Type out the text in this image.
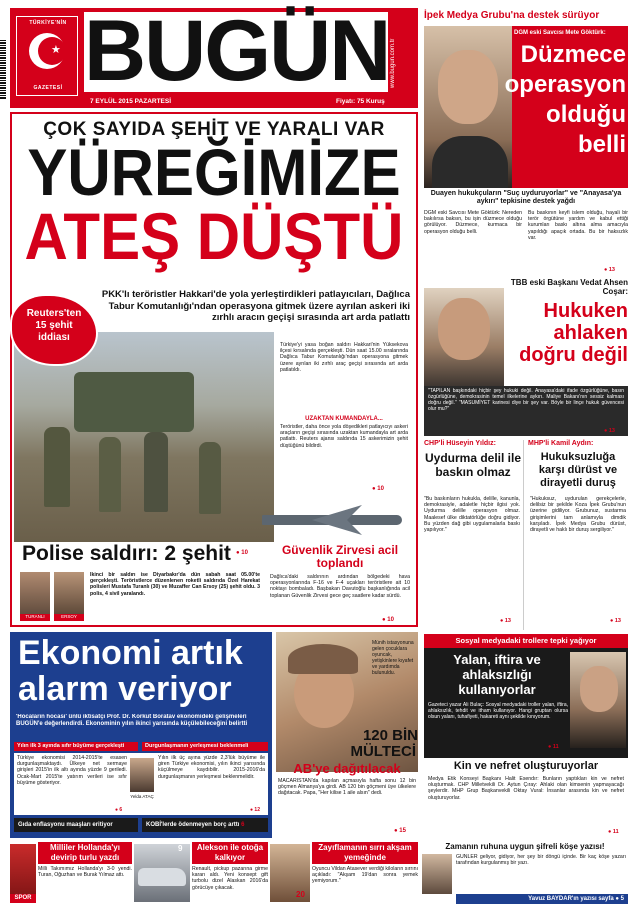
★
TÜRKİYE'NİN
GAZETESİ BUGÜN www.bugun.com.tr
7 EYLÜL 2015 PAZARTESİ	Fiyatı: 75 Kuruş
ÇOK SAYIDA ŞEHİT VE YARALI VAR
YÜREĞİMİZE
ATEŞ DÜŞTÜ
PKK'lı teröristler Hakkari'de yola yerleştirdikleri patlayıcıları, Dağlıca Tabur Komutanlığı'ndan operasyona gitmek üzere ayrılan askeri iki zırhlı aracın geçişi sırasında art arda patlattı
Reuters'ten 15 şehit iddiası
Türkiye'yi yasa boğan saldırı Hakkari'nin Yüksekova ilçesi kırsalında gerçekleşti. Dün saat 15.00 sıralarında Dağlıca Tabur Komutanlığı'ndan operasyona gitmek üzere ayrılan iki zırhlı araç geçişi sırasında art arda patlatıldı.
UZAKTAN KUMANDAYLA...
Teröristler, daha önce yola döşedikleri patlayıcıyı askeri araçların geçişi sırasında uzaktan kumandayla art arda patlattı. Reuters ajansı saldırıda 15 askerimizin şehit düştüğünü bildirdi.
● 10
Polise saldırı: 2 şehit ● 10
TURANLI	ERSOY
İkinci bir saldırı ise Diyarbakır'da dün sabah saat 05.00'te gerçekleşti. Teröristlerce düzenlenen roketli saldırıda Özel Harekat polisleri Mustafa Turanlı (30) ve Muzaffer Can Ersoy (25) şehit oldu. 3 polis, 4 sivil yaralandı.
Güvenlik Zirvesi acil toplandı
Dağlıca'daki saldırının ardından bölgedeki hava operasyonlarında F-16 ve F-4 uçakları teröristlere ait 10 noktayı bombaladı. Başbakan Davutoğlu başkanlığında acil toplanan Güvenlik Zirvesi gece geç saatlere kadar sürdü.
● 10
Ekonomi artık
alarm veriyor
'Hocaların hocası' ünlü iktisatçı Prof. Dr. Korkut Boratav ekonomideki gelişmeleri BUGÜN'e değerlendirdi. Ekonominin yılın ikinci yarısında küçülebileceğini belirtti
Yılın ilk 3 ayında sıfır büyüme gerçekleşti	Durgunlaşmanın yerleşmesi beklenmeli
Türkiye ekonomisi 2014-2015'te esasen durgunlaşmaktaydı. Ülkeye net sermaye girişleri 2015'in ilk altı ayında yüzde 9 geriledi. Ocak-Mart 2015'te yatırım verileri ise sıfır büyüme gösteriyor.
● 6
Yelda ATAÇ
Yılın ilk üç ayına yüzde 2,3'lük büyüme ile giren Türkiye ekonomisi, yılın ikinci yarısında küçülmeye kaydıbilir. 2015-2016'da durgunlaşmanın yerleşmesi beklenmelidir.
● 12
Gıda enflasyonu maaşları eritiyor	KOBİ'lerde ödenmeyen borç arttı 6
Münih istasyonuna gelen çocuklara oyuncak, yetişkinlere kıyafet ve yardımda bulunuldu.
120 BİN
MÜLTECİ
AB'ye dağıtılacak
MACARİSTAN'da kapılan açmasıyla hafta sonu 12 bin göçmen Almanya'ya girdi. AB 120 bin göçmeni üye ülkelere dağıtacak. Papa, "Her kilise 1 aile alsın" dedi.
● 15
İpek Medya Grubu'na destek sürüyor
DGM eski Savcısı Mete Göktürk:
Düzmece
operasyon
olduğu
belli
Duayen hukukçuların "Suç uyduruyorlar" ve "Anayasa'ya aykırı" tepkisine destek yağdı
DGM eski Savcısı Mete Göktürk: Nereden bakılırsa baksın, bu işin düzmece olduğu görülüyor. Düzmece, kurmaca bir operasyon olduğu belli.
Bu baskının keyfi islem olduğu, hayali bir terör örgütüne yardım ve kabul ettiği kurumları baskı altına alma amacıyla yapıldığı apaçık ortada. Bu bir haksızlık var.
● 13
TBB eski Başkanı Vedat Ahsen Coşar:
Hukuken
ahlaken
doğru değil
"TAPILAN başkındaki hiçbir şey hukuki değil. Anayasa'daki ifade özgürlüğüne, basın özgürlüğüne, demokrasinin temel ilkelerine aykırı. Maliye Bakanı'nın sessiz kalması doğru değil." "MASUMİYET karinesi diye bir şey var. Böyle bir linçe hukuk güvencesi olur mu?"
● 13
CHP'li Hüseyin Yıldız:
Uydurma delil ile baskın olmaz
"Bu baskınların hukukla, delille, kanunla, demokrasiyle, adaletle hiçbir ilgisi yok. Uydurma delille operasyon olmaz. Maalesef ülke diktatörlüğe doğru gidiyor. Bu yüzden dağ gibi uygulamalarla baskı yapılıyor."
● 13
MHP'li Kamil Aydın:
Hukuksuzluğa karşı dürüst ve dirayetli duruş
"Hukuksuz, uydurulan gerekçelerle, delilsiz bir şekilde Koza İpek Grubu'nun üzerine gidiliyor. Grubunuz, sustarma girişimlerini tam anlamıyla dimdik karşıladı. İpek Medya Grubu dürüst, dirayetli ve haklı bir duruş sergiliyor."
● 13
Sosyal medyadaki trollere tepki yağıyor
Yalan, iftira ve ahlaksızlığı kullanıyorlar
Gazeteci yazar Ali Bulaç: Sosyal medyadaki troller yalan, iftira, ahlaksızlık, tehdit ve itham kullanıyor. Hangi gruptan olursa olsun yalanı, tuhafiyeti, hakareti aynı şekilde kınıyorum.
● 11
Kin ve nefret oluşturuyorlar
Medya Etik Konseyi Başkanı Halit Esendır: Bunların yaptıkları kin ve nefret oluşturmak. CHP Milletvekili Dr. Aytun Çıray: Ahlaki olan kimsenin yapmayacağı şeylerdir. MHP Grup Başkanvekili Oktay Vural: İnsanlar arasında kin ve nefret oluşturuyorlar.
● 11
Milliler Hollanda'yı devirip turlu yazdı
Milli Takımımız Hollanda'yı 3-0 yendi. Turan, Oğuzhan ve Burak Yılmaz attı.
SPOR
9	Alekson ile otoğa kalkıyor
Renault, pickup pazarına girme kararı aldı. Yeni konsept gift turbolu dizel Alaskan 2016'da görücüye çıkacak.
20
Zayıflamanın sırrı akşam yemeğinde
Oyuncu Vildan Atasever verdiği kiloların sırrını açıkladı: "Akşam 19'dan sonra yemek yemiyorum."
Zamanın ruhuna uygun şifreli köşe yazısı!
GÜNLER geliyor, gidiyor, her şey bir döngü içinde. Bir kaç köşe yazarı tarafından kurgulanmış bir yazı.
Yavuz BAYDAR'ın yazısı sayfa ● 5
